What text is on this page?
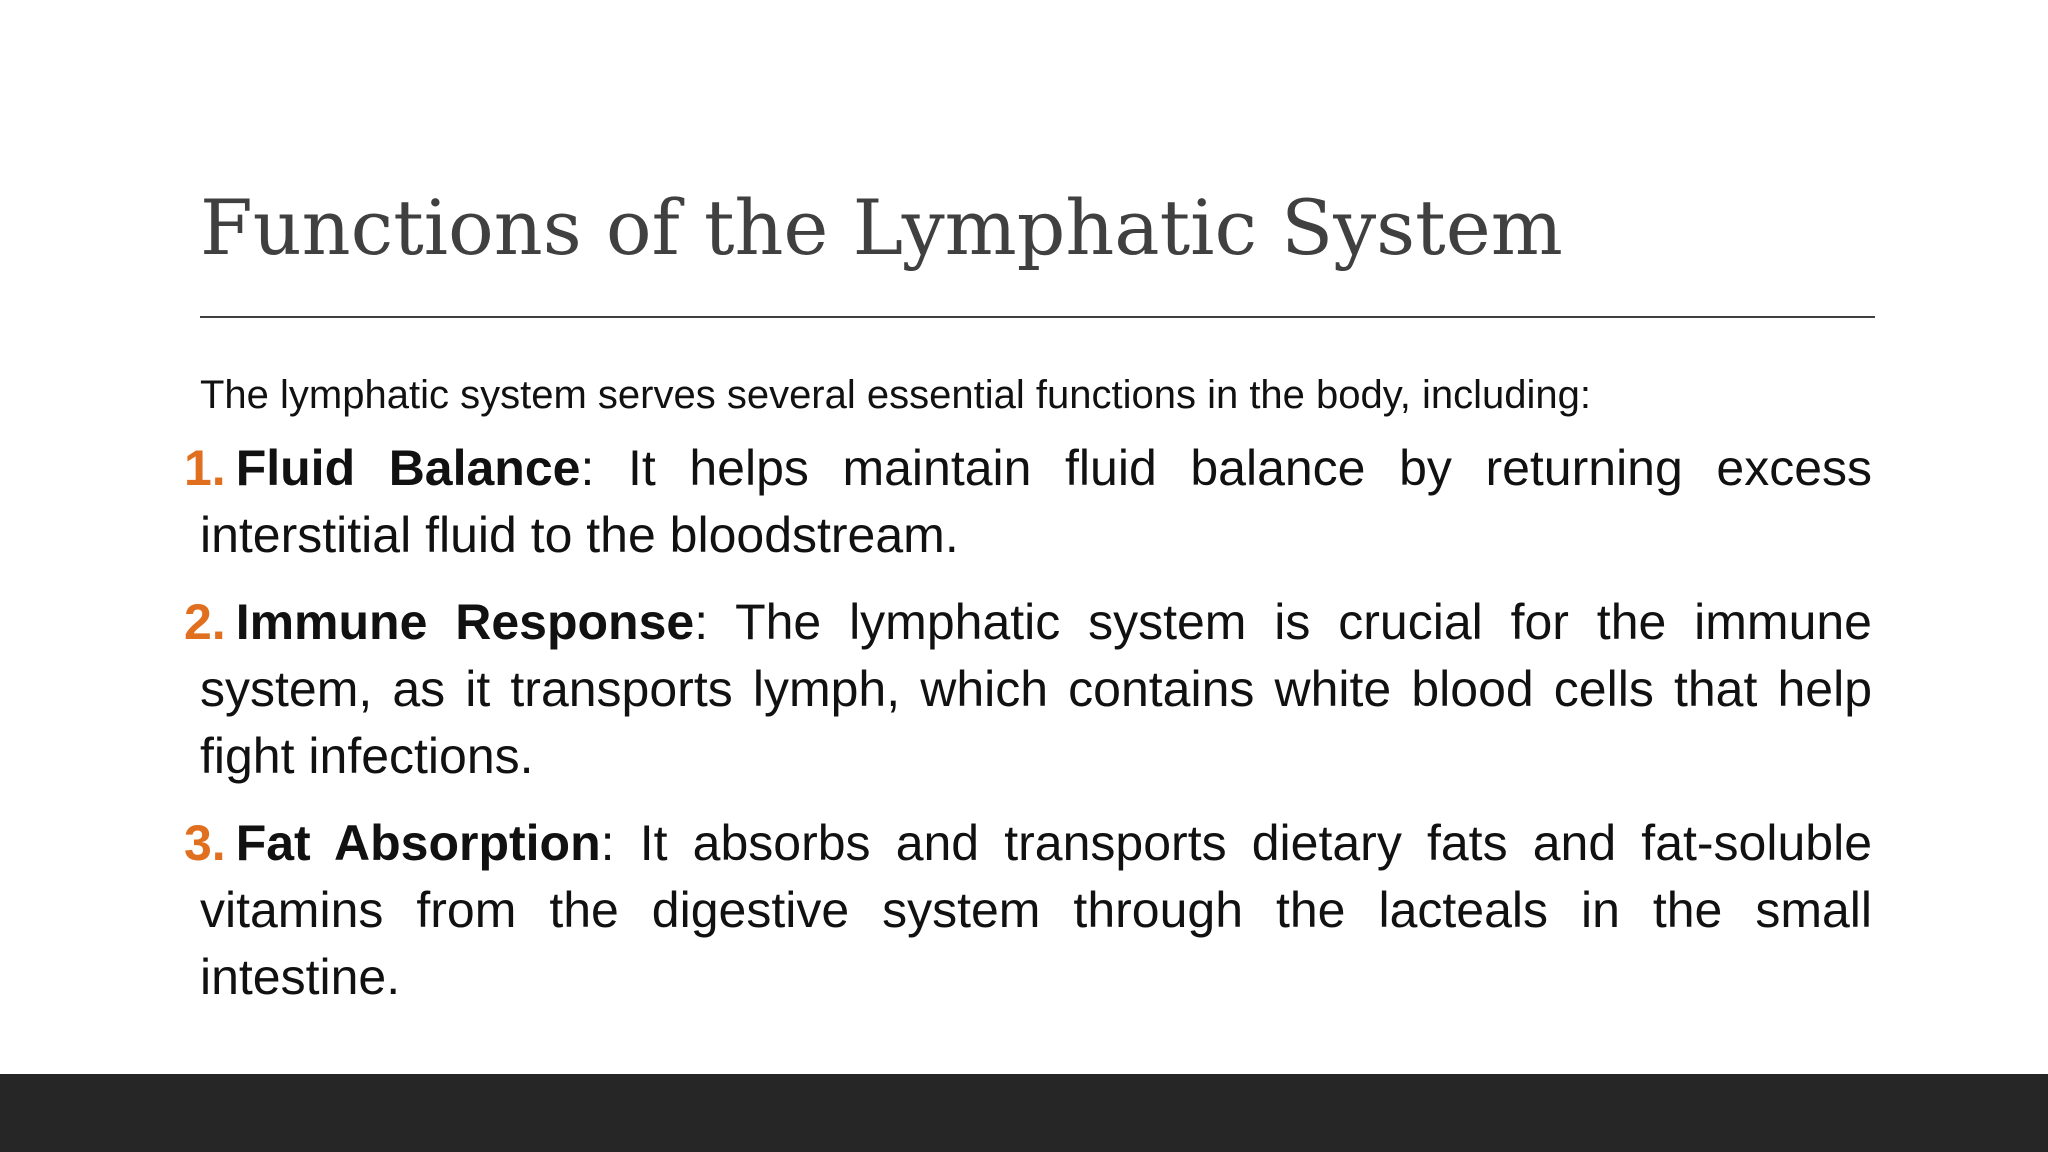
Functions of the Lymphatic System

The lymphatic system serves several essential functions in the body, including:

1. Fluid Balance: It helps maintain fluid balance by returning excess interstitial fluid to the bloodstream.

2. Immune Response: The lymphatic system is crucial for the immune system, as it transports lymph, which contains white blood cells that help fight infections.

3. Fat Absorption: It absorbs and transports dietary fats and fat-soluble vitamins from the digestive system through the lacteals in the small intestine.
